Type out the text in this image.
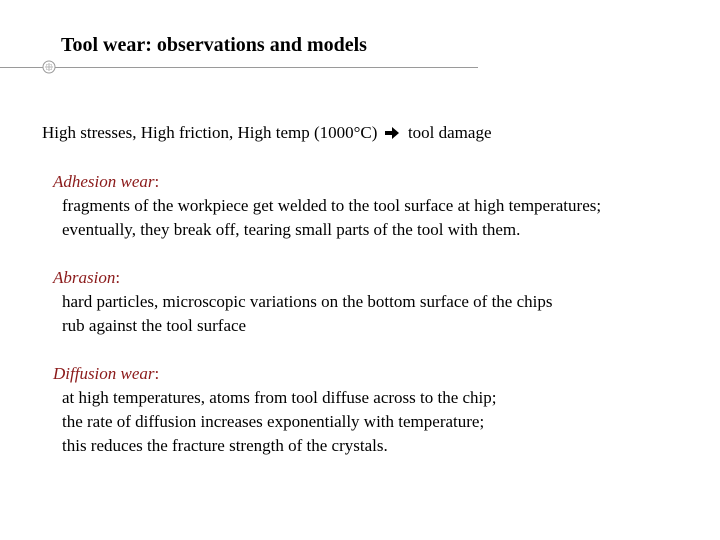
Tool wear: observations and models
High stresses, High friction, High temp (1000°C) tool damage
Adhesion wear:
fragments of the workpiece get welded to the tool surface at high temperatures;
eventually, they break off, tearing small parts of the tool with them.
Abrasion:
hard particles, microscopic variations on the bottom surface of the chips
rub against the tool surface
Diffusion wear:
at high temperatures, atoms from tool diffuse across to the chip;
the rate of diffusion increases exponentially with temperature;
this reduces the fracture strength of the crystals.
